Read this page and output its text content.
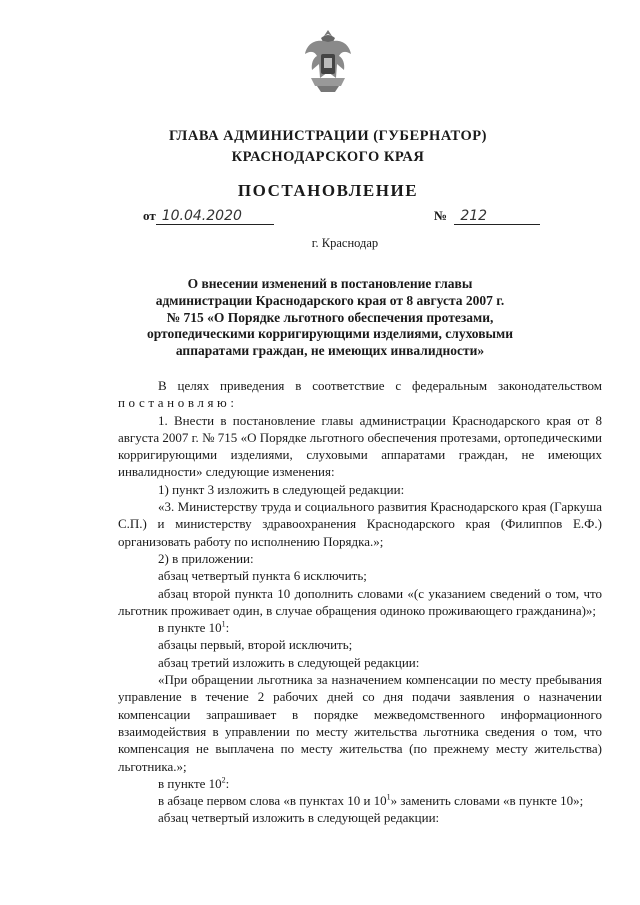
ГЛАВА АДМИНИСТРАЦИИ (ГУБЕРНАТОР)
КРАСНОДАРСКОГО КРАЯ
ПОСТАНОВЛЕНИЕ
от 10.04.2020	№ 212
г. Краснодар
О внесении изменений в постановление главы
администрации Краснодарского края от 8 августа 2007 г.
№ 715 «О Порядке льготного обеспечения протезами,
ортопедическими корригирующими изделиями, слуховыми
аппаратами граждан, не имеющих инвалидности»

В целях приведения в соответствие с федеральным законодательством

постановляю:

1. Внести в постановление главы администрации Краснодарского края от 8 августа 2007 г. № 715 «О Порядке льготного обеспечения протезами, ортопедическими корригирующими изделиями, слуховыми аппаратами граждан, не имеющих инвалидности» следующие изменения:

1) пункт 3 изложить в следующей редакции:

«3. Министерству труда и социального развития Краснодарского края (Гаркуша С.П.) и министерству здравоохранения Краснодарского края (Филиппов Е.Ф.) организовать работу по исполнению Порядка.»;

2) в приложении:

абзац четвертый пункта 6 исключить;

абзац второй пункта 10 дополнить словами «(с указанием сведений о том, что льготник проживает один, в случае обращения одиноко проживающего гражданина)»;

в пункте $10^1$:

абзацы первый, второй исключить;

абзац третий изложить в следующей редакции:

«При обращении льготника за назначением компенсации по месту пребывания управление в течение 2 рабочих дней со дня подачи заявления о назначении компенсации запрашивает в порядке межведомственного информационного взаимодействия в управлении по месту жительства льготника сведения о том, что компенсация не выплачена по месту жительства (по прежнему месту жительства) льготника.»;

в пункте $10^2$:

в абзаце первом слова «в пунктах 10 и $10^1$» заменить словами «в пункте 10»;

абзац четвертый изложить в следующей редакции:
